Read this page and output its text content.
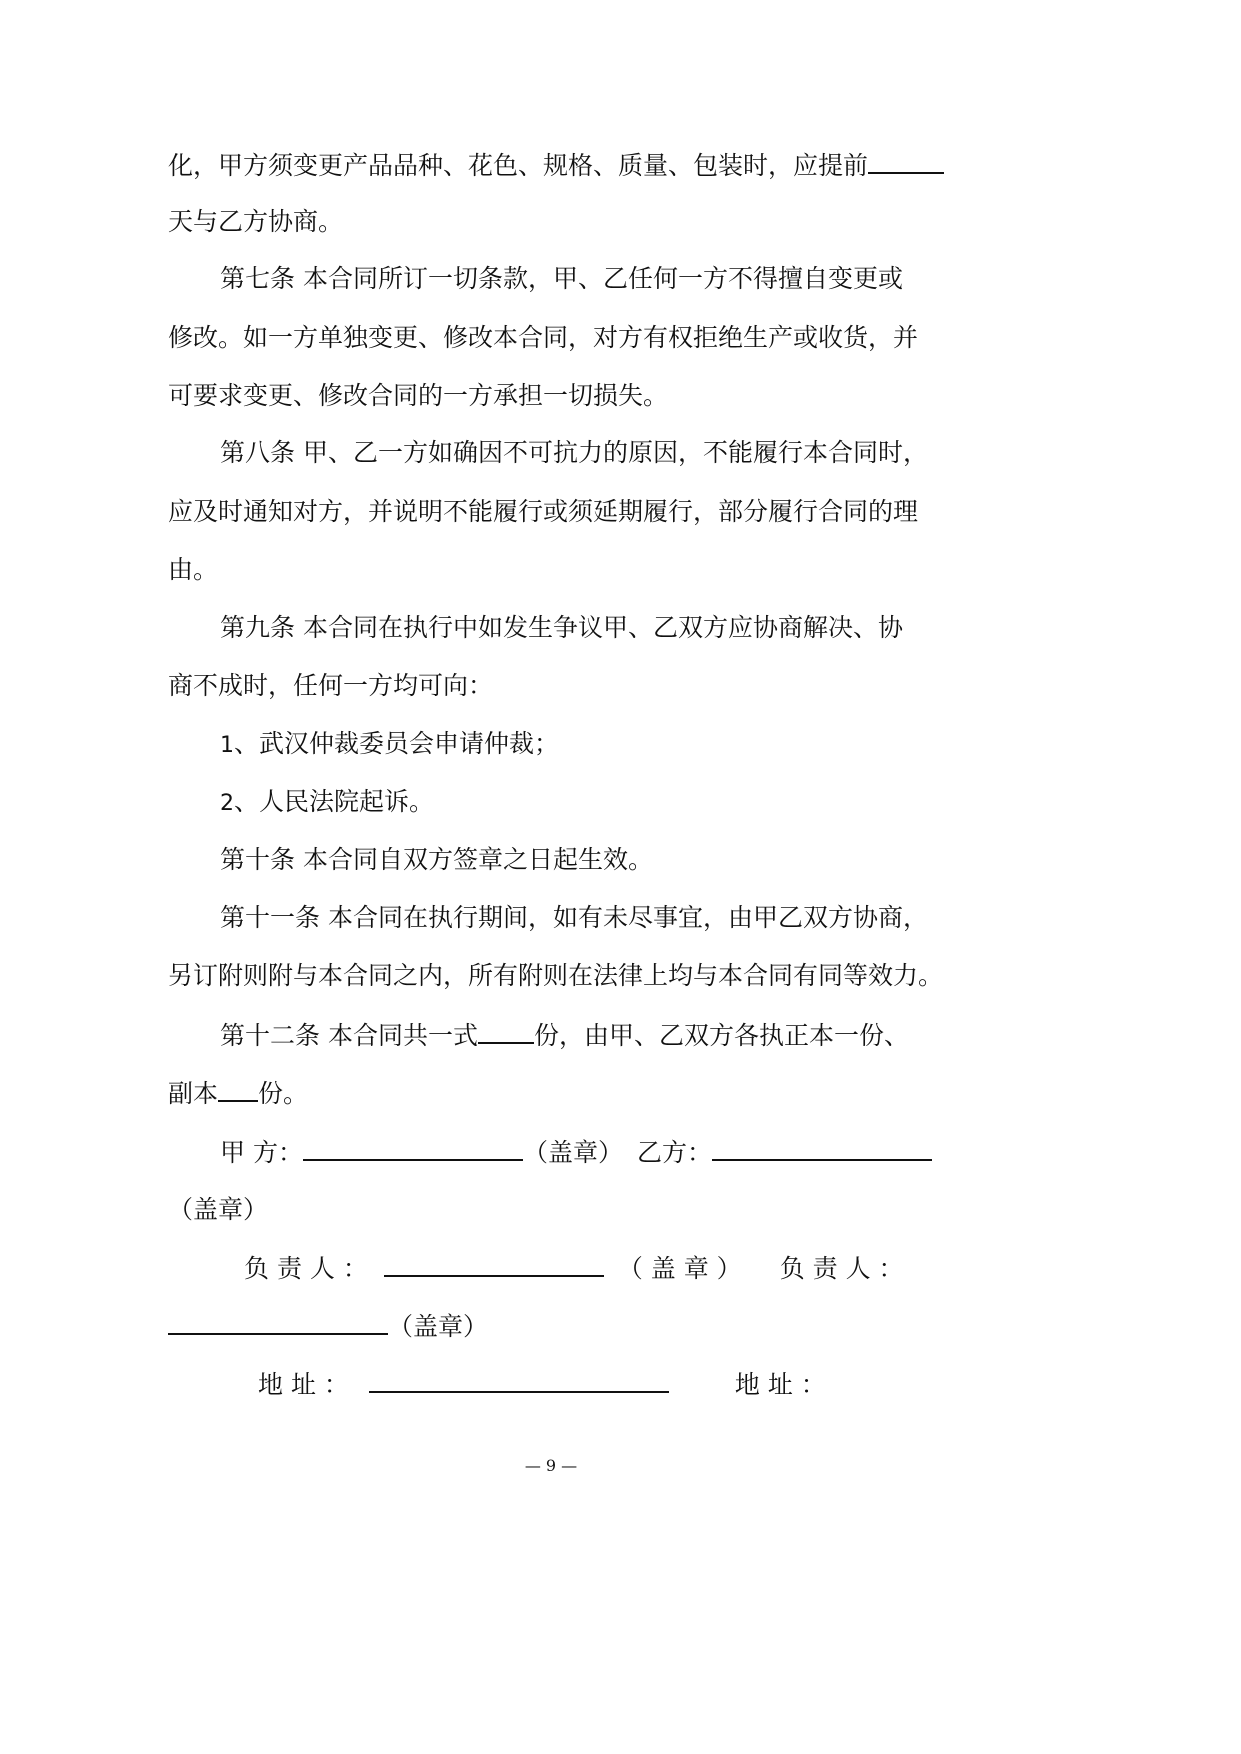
化，甲方须变更产品品种、花色、规格、质量、包装时，应提前
天与乙方协商。
第七条 本合同所订一切条款，甲、乙任何一方不得擅自变更或
修改。如一方单独变更、修改本合同，对方有权拒绝生产或收货，并
可要求变更、修改合同的一方承担一切损失。
第八条 甲、乙一方如确因不可抗力的原因，不能履行本合同时，
应及时通知对方，并说明不能履行或须延期履行，部分履行合同的理
由。
第九条 本合同在执行中如发生争议甲、乙双方应协商解决、协
商不成时，任何一方均可向：
1、武汉仲裁委员会申请仲裁；
2、人民法院起诉。
第十条 本合同自双方签章之日起生效。
第十一条 本合同在执行期间，如有未尽事宜，由甲乙双方协商，
另订附则附与本合同之内，所有附则在法律上均与本合同有同等效力。
第十二条 本合同共一式 份，由甲、乙双方各执正本一份、
副本 份。
甲 方：	（盖章） 乙方：
（盖章）
负 责 人 ：	（ 盖 章 ） 负 责 人 ：
（盖章）
地 址 ：	地 址 ：
— 9 —
